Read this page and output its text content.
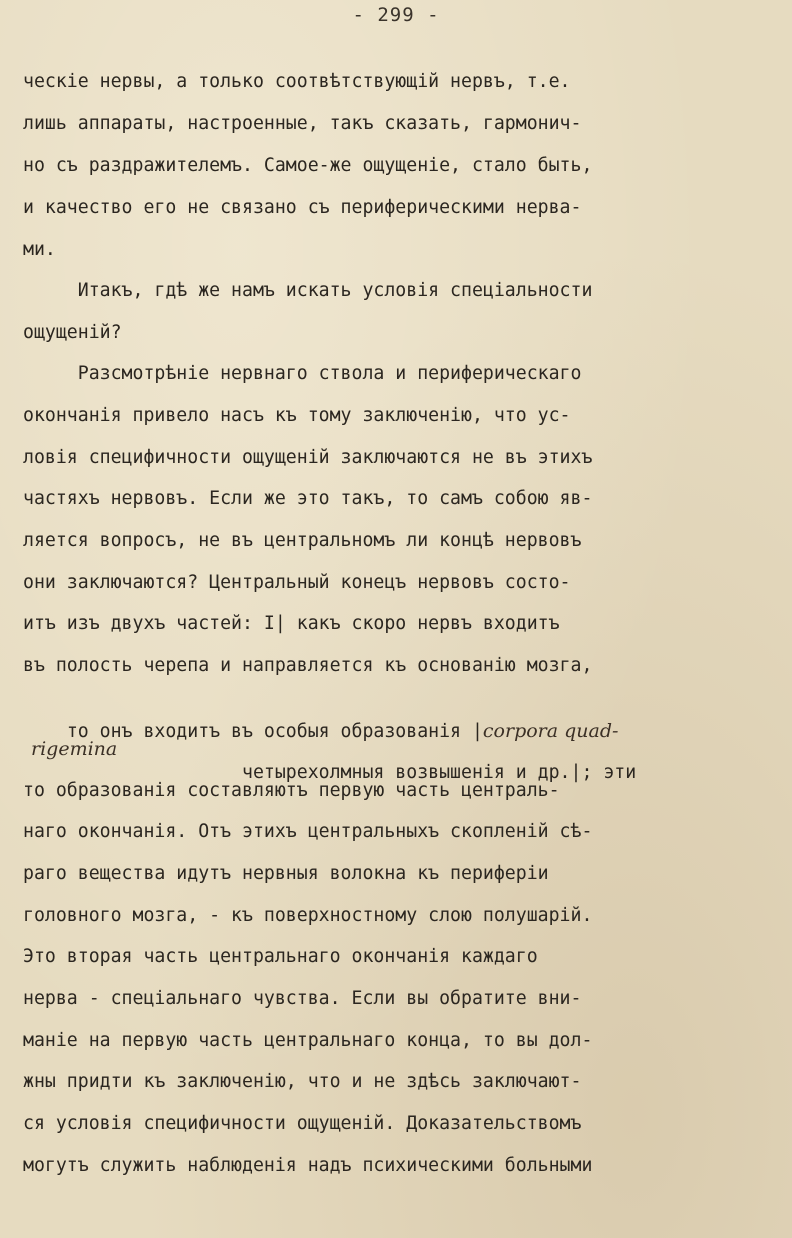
- 299 -
ческіе нервы, а только соотвѣтствующій нервъ, т.е.
лишь аппараты, настроенные, такъ сказать, гармонич-
но съ раздражителемъ. Самое-же ощущеніе, стало быть,
и качество его не связано съ периферическими нерва-
ми.
Итакъ, гдѣ же намъ искать условія спеціальности
ощущеній?
Разсмотрѣніе нервнаго ствола и периферическаго
окончанія привело насъ къ тому заключенію, что ус-
ловія специфичности ощущеній заключаются не въ этихъ
частяхъ нервовъ. Если же это такъ, то самъ собою яв-
ляется вопросъ, не въ центральномъ ли концѣ нервовъ
они заключаются? Центральный конецъ нервовъ состо-
итъ изъ двухъ частей: I| какъ скоро нервъ входитъ
въ полость черепа и направляется къ основанію мозга,

то онъ входитъ въ особыя образованія |corpora quad-

rigemina
четырехолмныя возвышенія и др.|; эти

то образованія составляютъ первую часть централь-
наго окончанія. Отъ этихъ центральныхъ скопленій сѣ-
раго вещества идутъ нервныя волокна къ периферіи
головного мозга, - къ поверхностному слою полушарій.
Это вторая часть центральнаго окончанія каждаго
нерва - спеціальнаго чувства. Если вы обратите вни-
маніе на первую часть центральнаго конца, то вы дол-
жны придти къ заключенію, что и не здѣсь заключают-
ся условія специфичности ощущеній. Доказательствомъ
могутъ служить наблюденія надъ психическими больными
